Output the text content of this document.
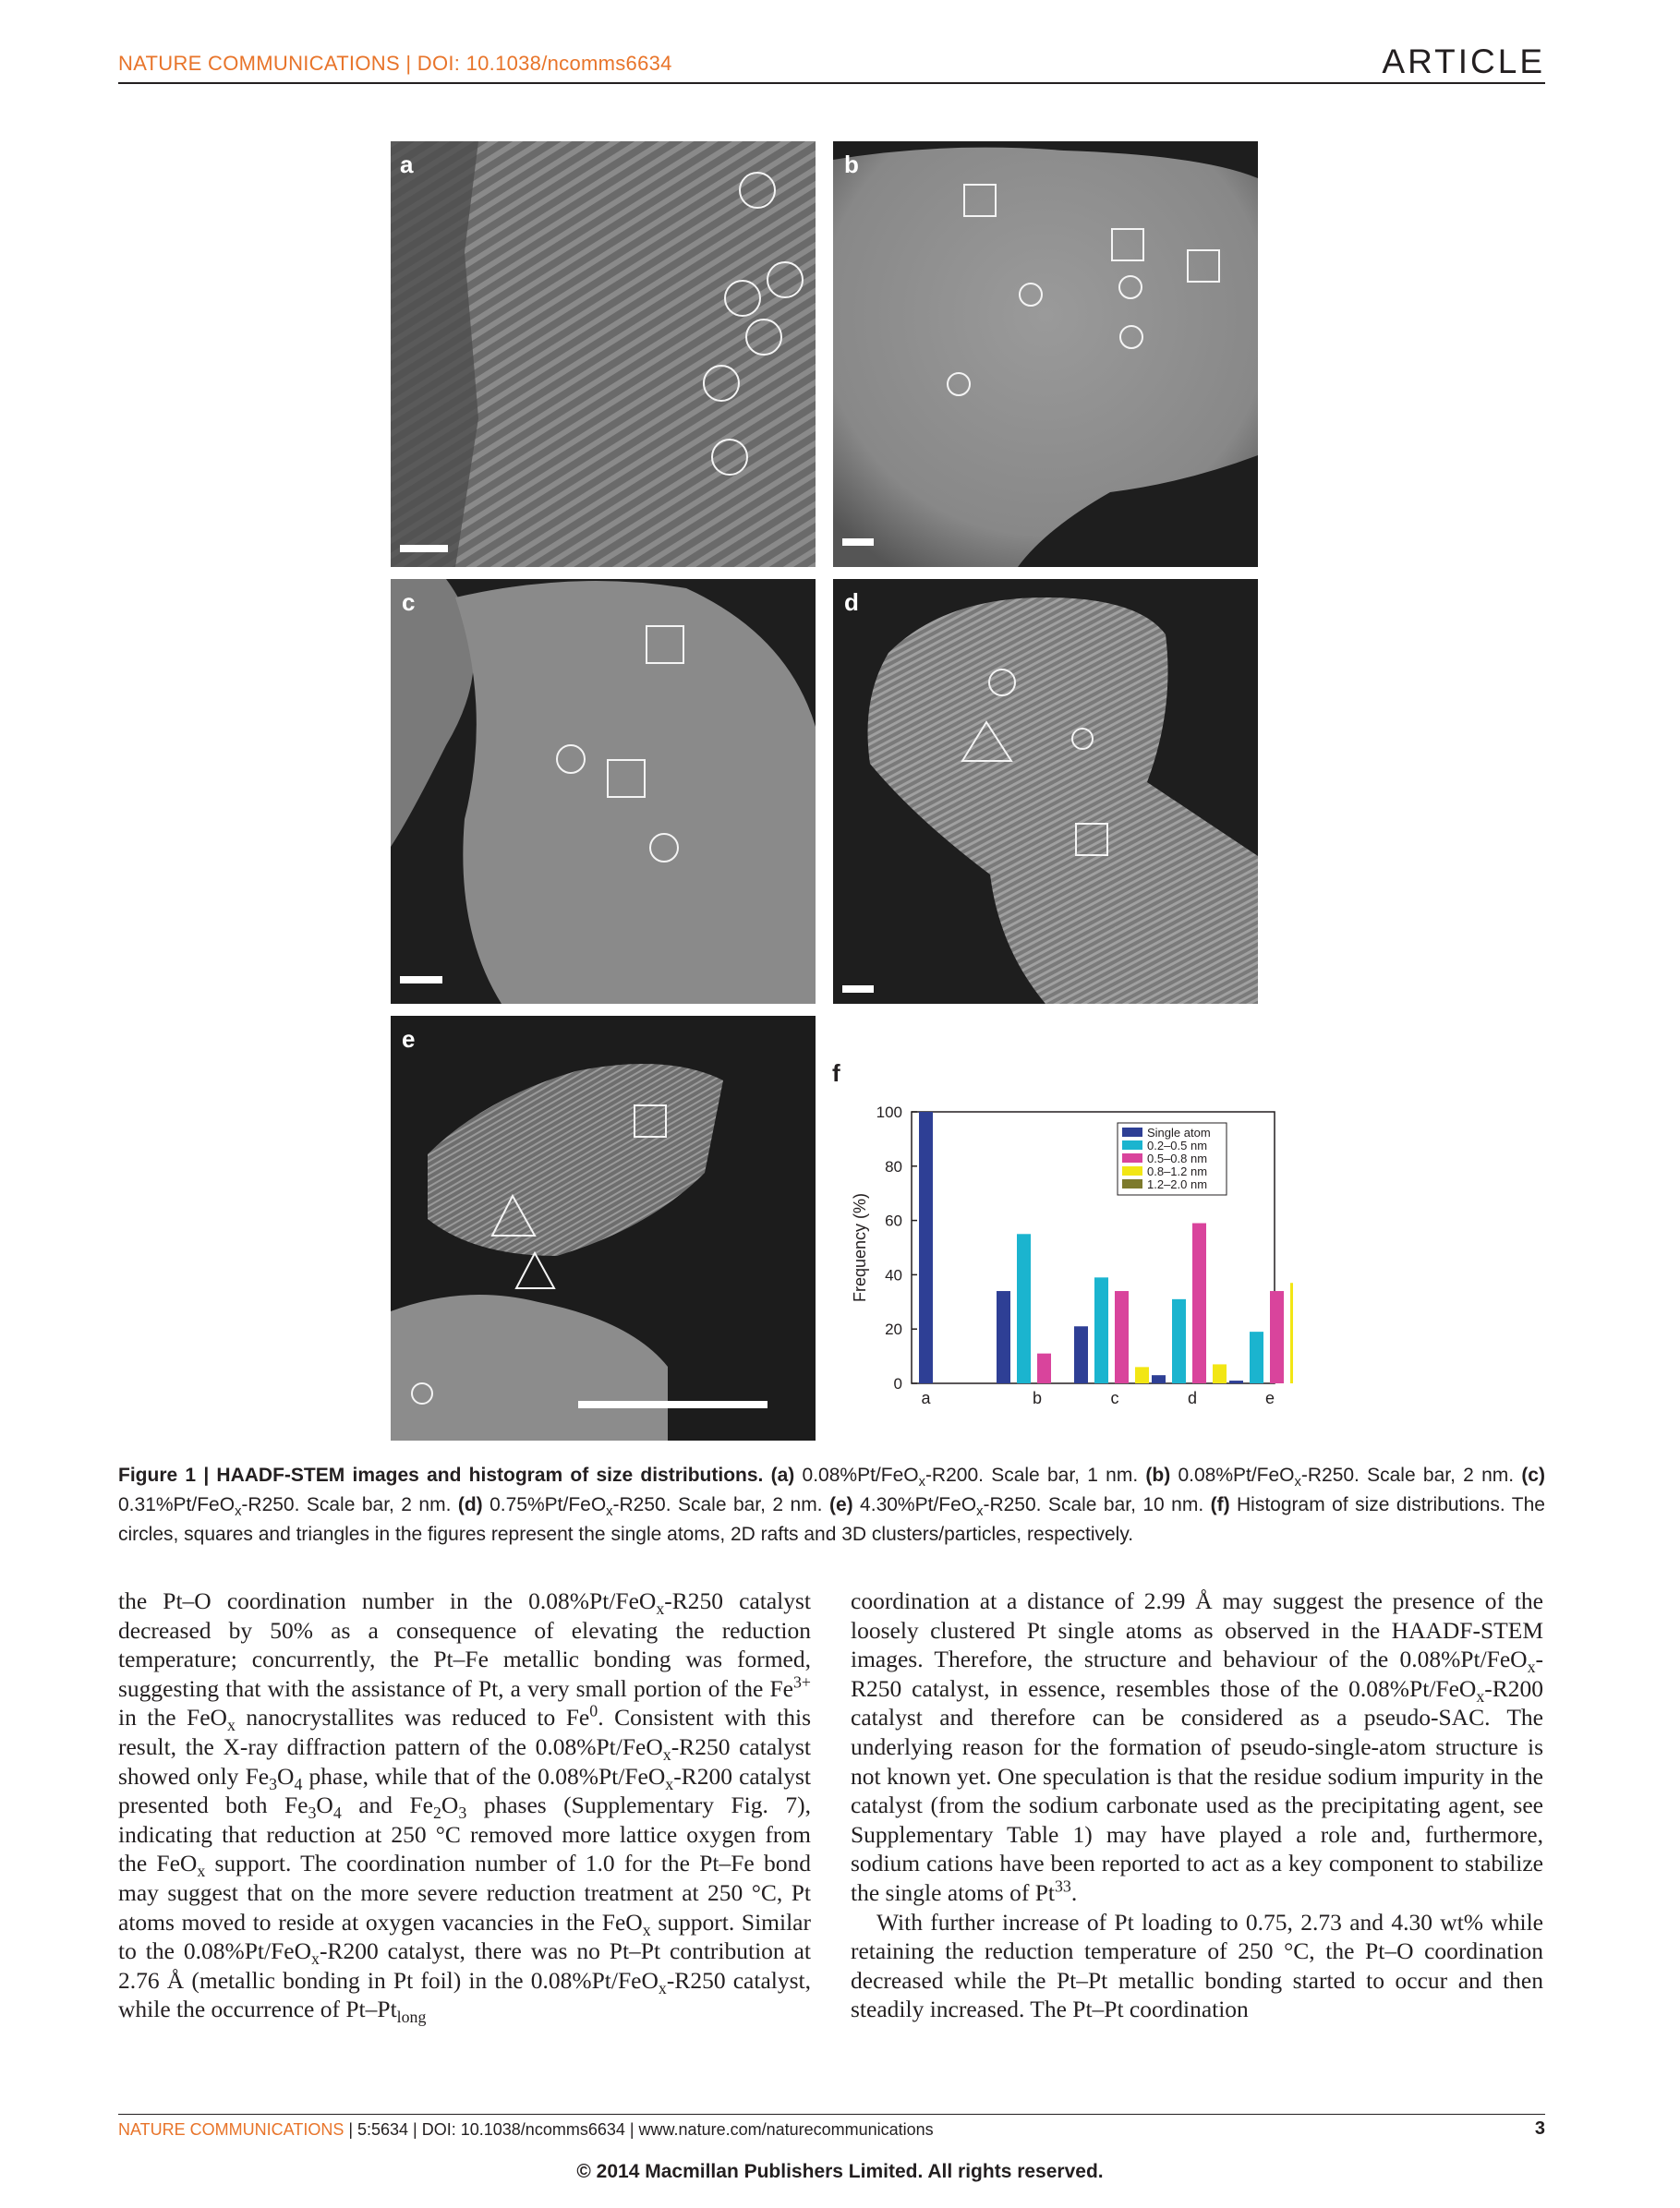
NATURE COMMUNICATIONS | DOI: 10.1038/ncomms6634	ARTICLE
a	b
c	d
e
f
0
20
40
60
80
100
Frequency (%)
a	b	c	d	e
Single atom
0.2–0.5 nm
0.5–0.8 nm
0.8–1.2 nm
1.2–2.0 nm
Figure 1 | HAADF-STEM images and histogram of size distributions. (a) 0.08%Pt/FeO$_x$-R200. Scale bar, 1 nm. (b) 0.08%Pt/FeO$_x$-R250. Scale bar, 2 nm. (c) 0.31%Pt/FeO$_x$-R250. Scale bar, 2 nm. (d) 0.75%Pt/FeO$_x$-R250. Scale bar, 2 nm. (e) 4.30%Pt/FeO$_x$-R250. Scale bar, 10 nm. (f) Histogram of size distributions. The circles, squares and triangles in the figures represent the single atoms, 2D rafts and 3D clusters/particles, respectively.

the Pt–O coordination number in the 0.08%Pt/FeO$_x$-R250 catalyst decreased by 50% as a consequence of elevating the reduction temperature; concurrently, the Pt–Fe metallic bonding was formed, suggesting that with the assistance of Pt, a very small portion of the $Fe^{3+}$ in the FeO$_x$ nanocrystallites was reduced to Fe$^0$. Consistent with this result, the X-ray diffraction pattern of the 0.08%Pt/FeO$_x$-R250 catalyst showed only $Fe_3O_4$ phase, while that of the 0.08%Pt/FeO$_x$-R200 catalyst presented both $Fe_3O_4$ and $Fe_2O_3$ phases (Supplementary Fig. 7), indicating that reduction at 250 °C removed more lattice oxygen from the FeO$_x$ support. The coordination number of 1.0 for the Pt–Fe bond may suggest that on the more severe reduction treatment at 250 °C, Pt atoms moved to reside at oxygen vacancies in the FeO$_x$ support. Similar to the 0.08%Pt/FeO$_x$-R200 catalyst, there was no Pt–Pt contribution at 2.76 Å (metallic bonding in Pt foil) in the 0.08%Pt/FeO$_x$-R250 catalyst, while the occurrence of $Pt-Pt_{long}$

coordination at a distance of 2.99 Å may suggest the presence of the loosely clustered Pt single atoms as observed in the HAADF-STEM images. Therefore, the structure and behaviour of the 0.08%Pt/FeO$_x$-R250 catalyst, in essence, resembles those of the 0.08%Pt/FeO$_x$-R200 catalyst and therefore can be considered as a pseudo-SAC. The underlying reason for the formation of pseudo-single-atom structure is not known yet. One speculation is that the residue sodium impurity in the catalyst (from the sodium carbonate used as the precipitating agent, see Supplementary Table 1) may have played a role and, furthermore, sodium cations have been reported to act as a key component to stabilize the single atoms of Pt$^{33}$.

With further increase of Pt loading to 0.75, 2.73 and 4.30 wt% while retaining the reduction temperature of 250 °C, the Pt–O coordination decreased while the Pt–Pt metallic bonding started to occur and then steadily increased. The Pt–Pt coordination

NATURE COMMUNICATIONS | 5:5634 | DOI: 10.1038/ncomms6634 | www.nature.com/naturecommunications	3
© 2014 Macmillan Publishers Limited. All rights reserved.
